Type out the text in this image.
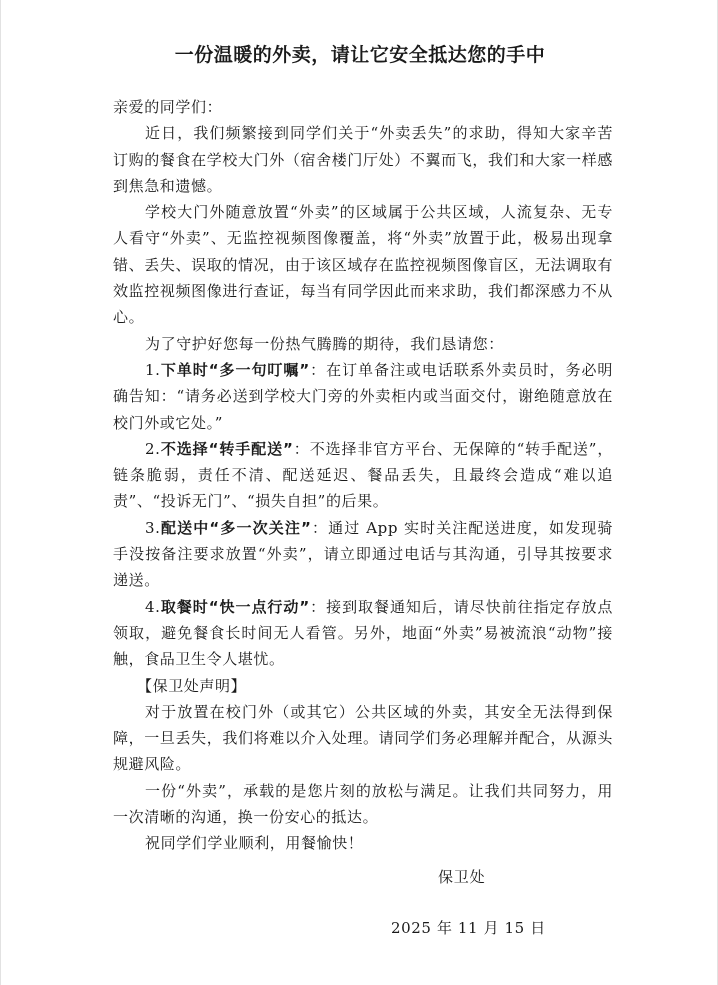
一份温暖的外卖，请让它安全抵达您的手中

亲爱的同学们：

近日，我们频繁接到同学们关于“外卖丢失”的求助，得知大家辛苦订购的餐食在学校大门外（宿舍楼门厅处）不翼而飞，我们和大家一样感到焦急和遗憾。

学校大门外随意放置“外卖”的区域属于公共区域，人流复杂、无专人看守“外卖”、无监控视频图像覆盖，将“外卖”放置于此，极易出现拿错、丢失、误取的情况，由于该区域存在监控视频图像盲区，无法调取有效监控视频图像进行查证，每当有同学因此而来求助，我们都深感力不从心。

为了守护好您每一份热气腾腾的期待，我们恳请您：

1.下单时“多一句叮嘱”：在订单备注或电话联系外卖员时，务必明确告知：“请务必送到学校大门旁的外卖柜内或当面交付，谢绝随意放在校门外或它处。”

2.不选择“转手配送”：不选择非官方平台、无保障的“转手配送”，链条脆弱，责任不清、配送延迟、餐品丢失，且最终会造成“难以追责”、“投诉无门”、“损失自担”的后果。

3.配送中“多一次关注”：通过 App 实时关注配送进度，如发现骑手没按备注要求放置“外卖”，请立即通过电话与其沟通，引导其按要求递送。

4.取餐时“快一点行动”：接到取餐通知后，请尽快前往指定存放点领取，避免餐食长时间无人看管。另外，地面“外卖”易被流浪“动物”接触，食品卫生令人堪忧。

【保卫处声明】

对于放置在校门外（或其它）公共区域的外卖，其安全无法得到保障，一旦丢失，我们将难以介入处理。请同学们务必理解并配合，从源头规避风险。

一份“外卖”，承载的是您片刻的放松与满足。让我们共同努力，用一次清晰的沟通，换一份安心的抵达。

祝同学们学业顺利，用餐愉快！

保卫处
2025 年 11 月 15 日
